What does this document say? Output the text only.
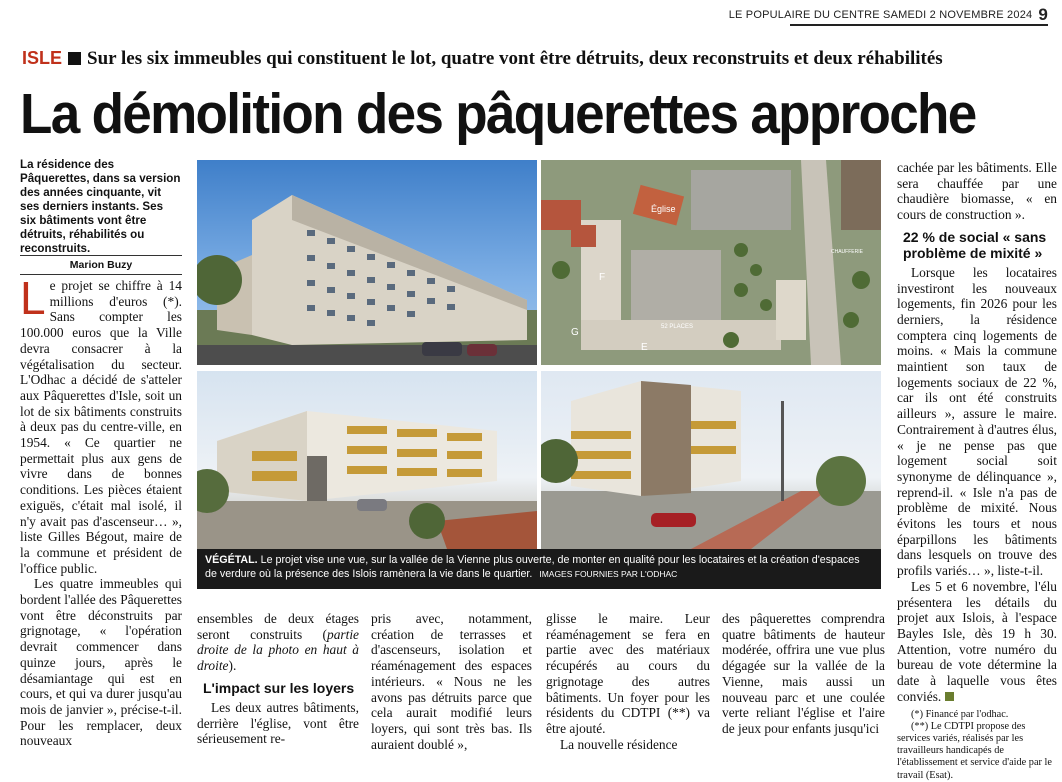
LE POPULAIRE DU CENTRE SAMEDI 2 NOVEMBRE 2024 9
ISLE Sur les six immeubles qui constituent le lot, quatre vont être détruits, deux reconstruits et deux réhabilités
La démolition des pâquerettes approche
La résidence des Pâquerettes, dans sa version des années cinquante, vit ses derniers instants. Ses six bâtiments vont être détruits, réhabilités ou reconstruits.
Marion Buzy

Le projet se chiffre à 14 millions d'euros (*). Sans compter les 100.000 euros que la Ville devra consacrer à la végétalisation du secteur. L'Odhac a décidé de s'atteler aux Pâquerettes d'Isle, soit un lot de six bâtiments construits à deux pas du centre-ville, en 1954. « Ce quartier ne permettait plus aux gens de vivre dans de bonnes conditions. Les pièces étaient exiguës, c'était mal isolé, il n'y avait pas d'ascenseur… », liste Gilles Bégout, maire de la commune et président de l'office public.

Les quatre immeubles qui bordent l'allée des Pâquerettes vont être déconstruits par grignotage, « l'opération devrait commencer dans quinze jours, après le désamiantage qui est en cours, et qui va durer jusqu'au mois de janvier », précise-t-il. Pour les remplacer, deux nouveaux

Église
52 PLACES
F
G
E
CHAUFFERIE
VÉGÉTAL. Le projet vise une vue, sur la vallée de la Vienne plus ouverte, de monter en qualité pour les locataires et la création d'espaces de verdure où la présence des Islois ramènera la vie dans le quartier. IMAGES FOURNIES PAR L'ODHAC

ensembles de deux étages seront construits (partie droite de la photo en haut à droite).

L'impact sur les loyers

Les deux autres bâtiments, derrière l'église, vont être sérieusement re-

pris avec, notamment, création de terrasses et d'ascenseurs, isolation et réaménagement des espaces intérieurs. « Nous ne les avons pas détruits parce que cela aurait modifié leurs loyers, qui sont très bas. Ils auraient doublé »,

glisse le maire. Leur réaménagement se fera en partie avec des matériaux récupérés au cours du grignotage des autres bâtiments. Un foyer pour les résidents du CDTPI (**) va être ajouté.

La nouvelle résidence

des pâquerettes comprendra quatre bâtiments de hauteur modérée, offrira une vue plus dégagée sur la vallée de la Vienne, mais aussi un nouveau parc et une coulée verte reliant l'église et l'aire de jeux pour enfants jusqu'ici

cachée par les bâtiments. Elle sera chauffée par une chaudière biomasse, « en cours de construction ».

22 % de social « sans problème de mixité »

Lorsque les locataires investiront les nouveaux logements, fin 2026 pour les derniers, la résidence comptera cinq logements de moins. « Mais la commune maintient son taux de logements sociaux de 22 %, car ils ont été construits ailleurs », assure le maire. Contrairement à d'autres élus, « je ne pense pas que logement social soit synonyme de délinquance », reprend-il. « Isle n'a pas de problème de mixité. Nous évitons les tours et nous éparpillons les bâtiments dans lesquels on trouve des profils variés… », liste-t-il.

Les 5 et 6 novembre, l'élu présentera les détails du projet aux Islois, à l'espace Bayles Isle, dès 19 h 30. Attention, votre numéro du bureau de vote détermine la date à laquelle vous êtes conviés.

(*) Financé par l'odhac.

(**) Le CDTPI propose des services variés, réalisés par les travailleurs handicapés de l'établissement et service d'aide par le travail (Esat).
